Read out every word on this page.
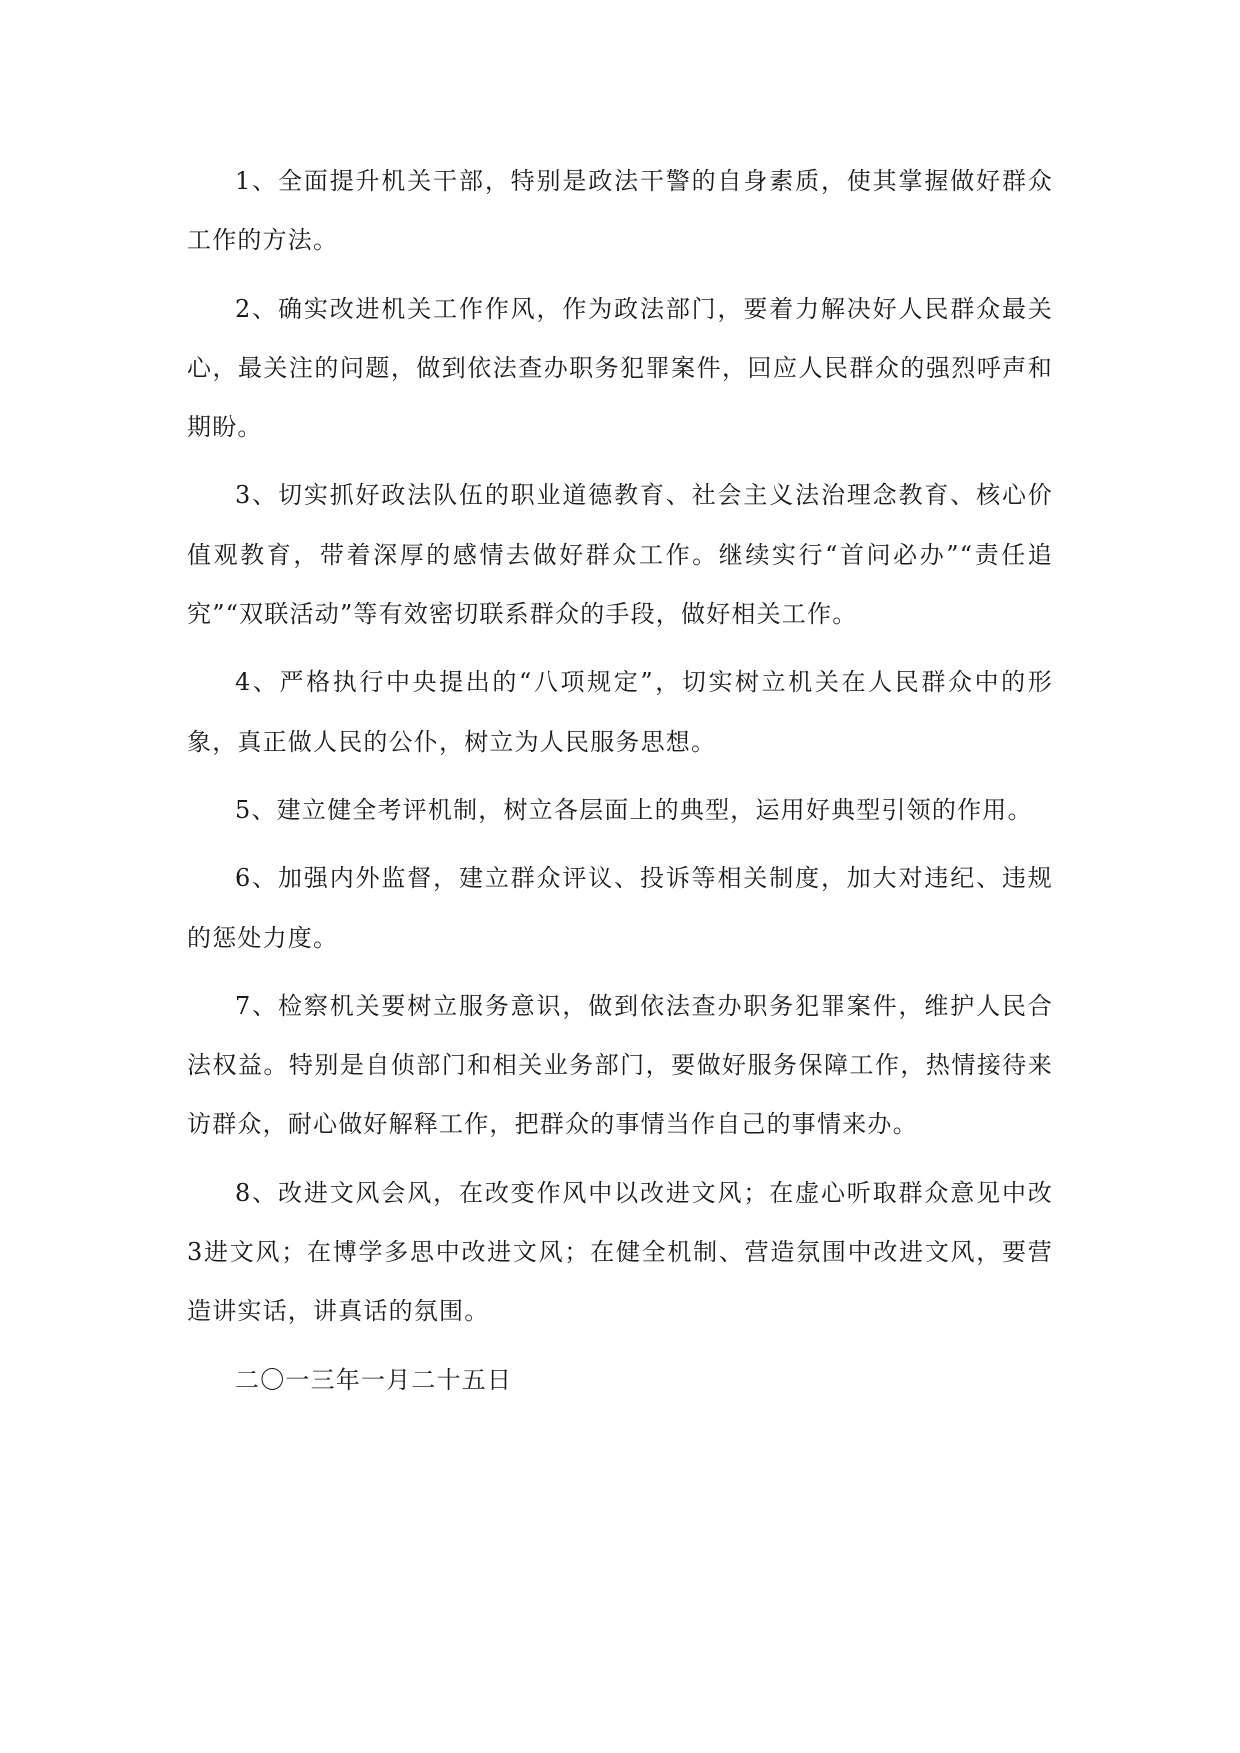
1、全面提升机关干部，特别是政法干警的自身素质，使其掌握做好群众工作的方法。

2、确实改进机关工作作风，作为政法部门，要着力解决好人民群众最关心，最关注的问题，做到依法查办职务犯罪案件，回应人民群众的强烈呼声和期盼。

3、切实抓好政法队伍的职业道德教育、社会主义法治理念教育、核心价值观教育，带着深厚的感情去做好群众工作。继续实行“首问必办”“责任追究”“双联活动”等有效密切联系群众的手段，做好相关工作。

4、严格执行中央提出的“八项规定”，切实树立机关在人民群众中的形象，真正做人民的公仆，树立为人民服务思想。

5、建立健全考评机制，树立各层面上的典型，运用好典型引领的作用。

6、加强内外监督，建立群众评议、投诉等相关制度，加大对违纪、违规的惩处力度。

7、检察机关要树立服务意识，做到依法查办职务犯罪案件，维护人民合法权益。特别是自侦部门和相关业务部门，要做好服务保障工作，热情接待来访群众，耐心做好解释工作，把群众的事情当作自己的事情来办。

8、改进文风会风，在改变作风中以改进文风；在虚心听取群众意见中改 3进文风；在博学多思中改进文风；在健全机制、营造氛围中改进文风，要营造讲实话，讲真话的氛围。

二〇一三年一月二十五日
